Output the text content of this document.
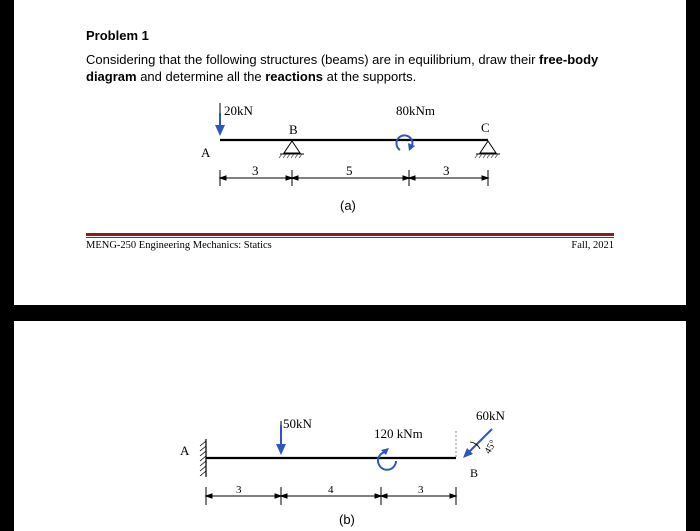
Problem 1
Considering that the following structures (beams) are in equilibrium, draw their free-body diagram and determine all the reactions at the supports.
20kN
A
B	C
80kNm
3	5	3
(a)
MENG-250 Engineering Mechanics: Statics	Fall, 2021
A
50kN
120 kNm
B
60kN
45°
3	4	3
(b)
